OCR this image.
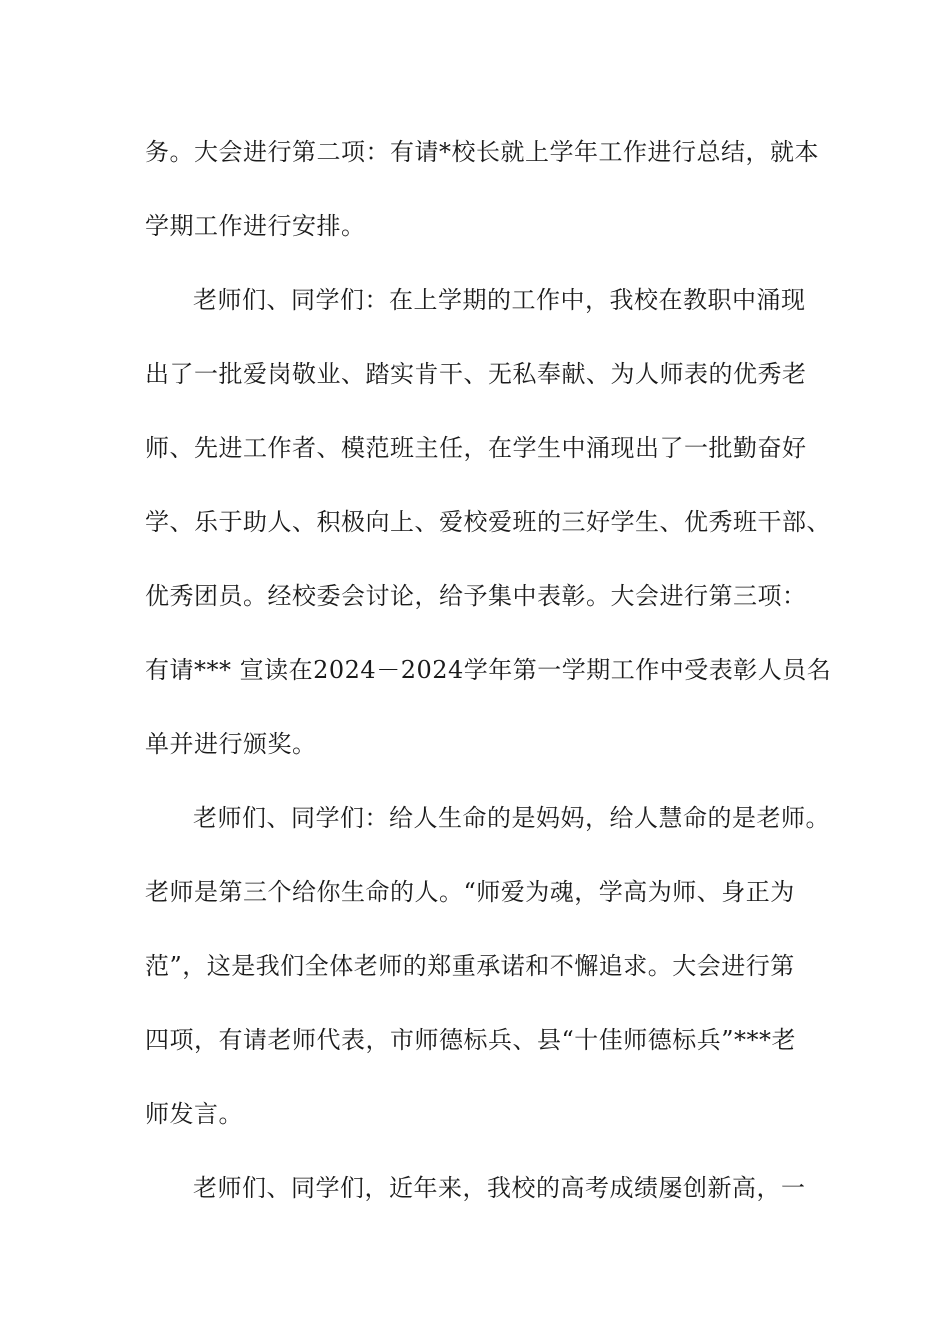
务。大会进行第二项：有请*校长就上学年工作进行总结，就本
学期工作进行安排。
老师们、同学们：在上学期的工作中，我校在教职中涌现
出了一批爱岗敬业、踏实肯干、无私奉献、为人师表的优秀老
师、先进工作者、模范班主任，在学生中涌现出了一批勤奋好
学、乐于助人、积极向上、爱校爱班的三好学生、优秀班干部、
优秀团员。经校委会讨论，给予集中表彰。大会进行第三项：
有请*** 宣读在2024－2024学年第一学期工作中受表彰人员名
单并进行颁奖。
老师们、同学们：给人生命的是妈妈，给人慧命的是老师。
老师是第三个给你生命的人。“师爱为魂，学高为师、身正为
范”，这是我们全体老师的郑重承诺和不懈追求。大会进行第
四项，有请老师代表，市师德标兵、县“十佳师德标兵”***老
师发言。
老师们、同学们，近年来，我校的高考成绩屡创新高，一
